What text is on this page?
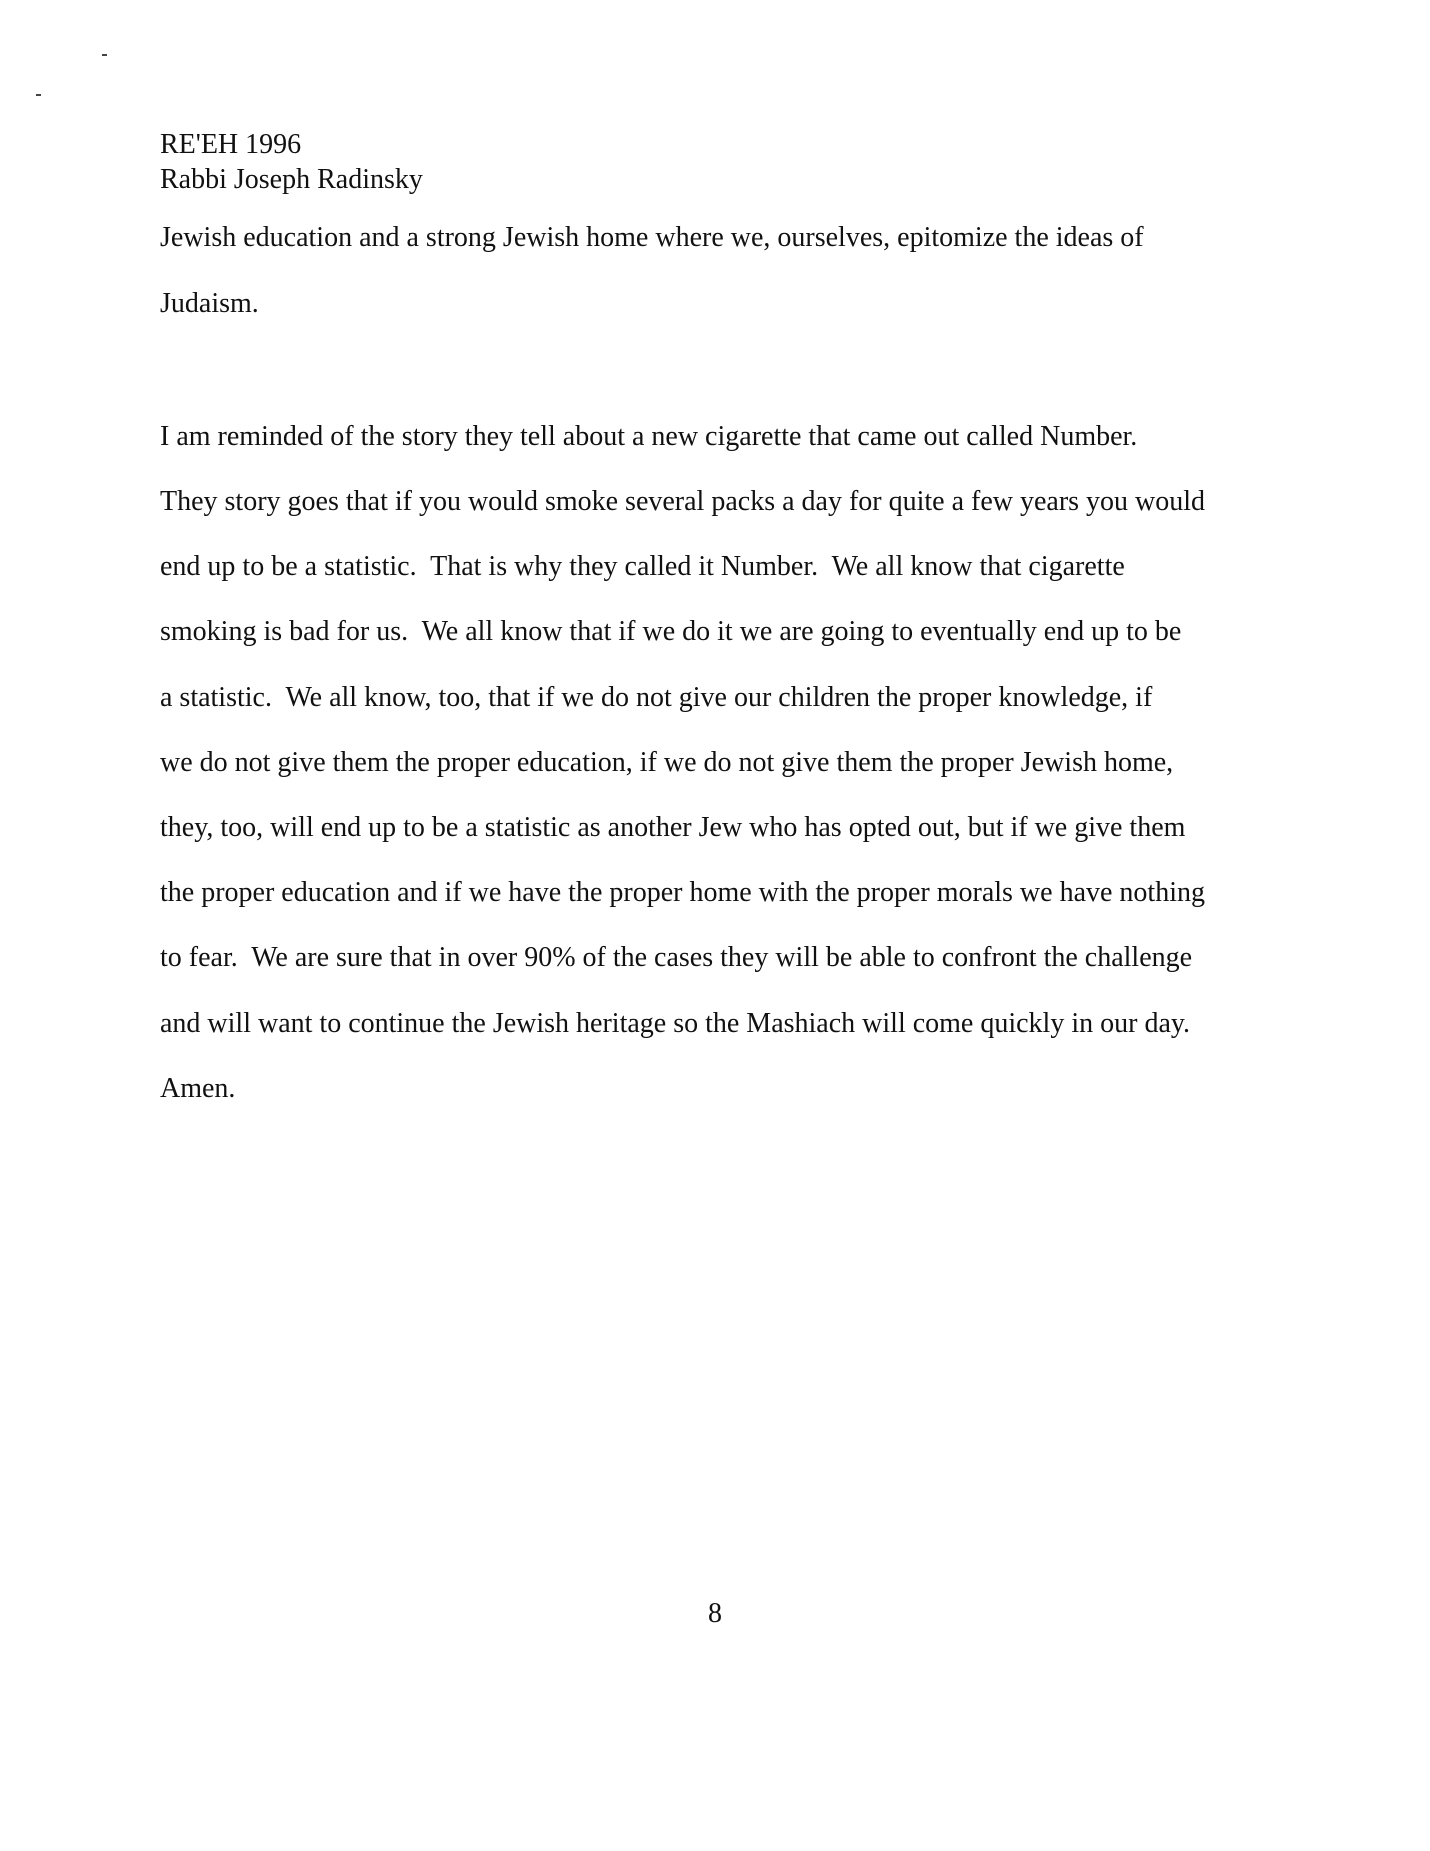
RE'EH 1996
Rabbi Joseph Radinsky
Jewish education and a strong Jewish home where we, ourselves, epitomize the ideas of
Judaism.
I am reminded of the story they tell about a new cigarette that came out called Number.
They story goes that if you would smoke several packs a day for quite a few years you would
end up to be a statistic.  That is why they called it Number.  We all know that cigarette
smoking is bad for us.  We all know that if we do it we are going to eventually end up to be
a statistic.  We all know, too, that if we do not give our children the proper knowledge, if
we do not give them the proper education, if we do not give them the proper Jewish home,
they, too, will end up to be a statistic as another Jew who has opted out, but if we give them
the proper education and if we have the proper home with the proper morals we have nothing
to fear.  We are sure that in over 90% of the cases they will be able to confront the challenge
and will want to continue the Jewish heritage so the Mashiach will come quickly in our day.
Amen.
8
